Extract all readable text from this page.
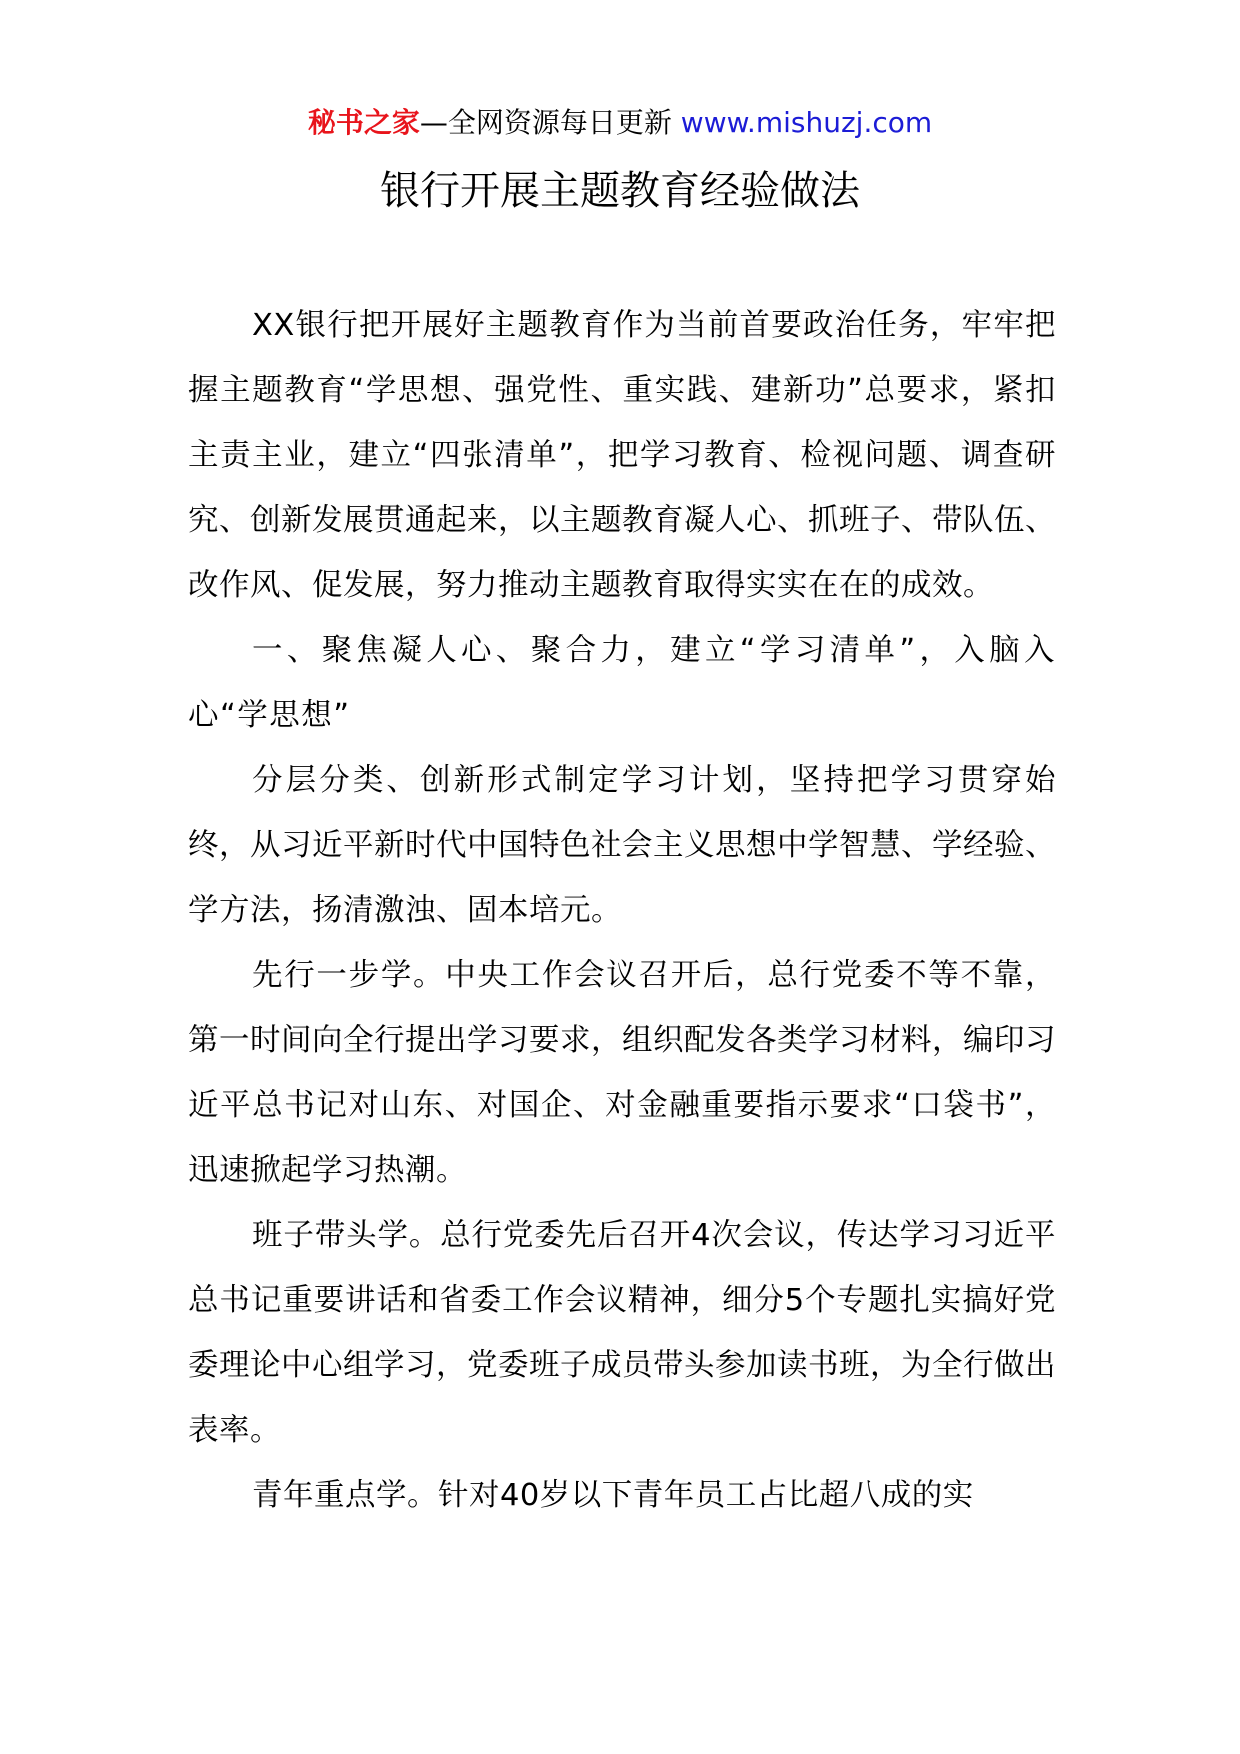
秘书之家—全网资源每日更新 www.mishuzj.com
银行开展主题教育经验做法

XX银行把开展好主题教育作为当前首要政治任务，牢牢把握主题教育“学思想、强党性、重实践、建新功”总要求，紧扣主责主业，建立“四张清单”，把学习教育、检视问题、调查研究、创新发展贯通起来，以主题教育凝人心、抓班子、带队伍、改作风、促发展，努力推动主题教育取得实实在在的成效。

一、聚焦凝人心、聚合力，建立“学习清单”，入脑入心“学思想”

分层分类、创新形式制定学习计划，坚持把学习贯穿始终，从习近平新时代中国特色社会主义思想中学智慧、学经验、学方法，扬清激浊、固本培元。

先行一步学。中央工作会议召开后，总行党委不等不靠，第一时间向全行提出学习要求，组织配发各类学习材料，编印习近平总书记对山东、对国企、对金融重要指示要求“口袋书”，迅速掀起学习热潮。

班子带头学。总行党委先后召开4次会议，传达学习习近平总书记重要讲话和省委工作会议精神，细分5个专题扎实搞好党委理论中心组学习，党委班子成员带头参加读书班，为全行做出表率。

青年重点学。针对40岁以下青年员工占比超八成的实
